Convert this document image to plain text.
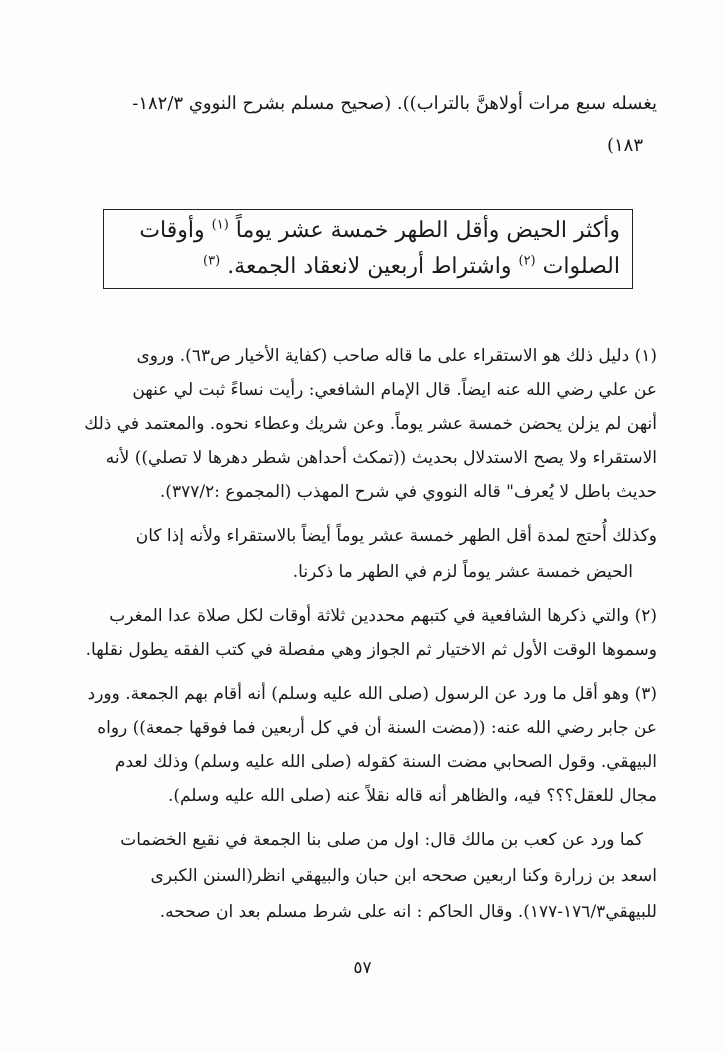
يغسله سبع مرات أولاهنَّ بالتراب)). (صحيح مسلم بشرح النووي ١٨٢/٣-
١٨٣)
وأكثر الحيض وأقل الطهر خمسة عشر يوماً $^{(١)}$ وأوقات
الصلوات $^{(٢)}$ واشتراط أربعين لانعقاد الجمعة. $^{(٣)}$
(١) دليل ذلك هو الاستقراء على ما قاله صاحب (كفاية الأخيار ص٦٣). وروى
عن علي رضي الله عنه ايضاً. قال الإمام الشافعي: رأيت نساءً ثبت لي عنهن
أنهن لم يزلن يحضن خمسة عشر يوماً. وعن شريك وعطاء نحوه. والمعتمد في ذلك
الاستقراء ولا يصح الاستدلال بحديث ((تمكث أحداهن شطر دهرها لا تصلي)) لأنه
حديث باطل لا يُعرف" قاله النووي في شرح المهذب (المجموع :٣٧٧/٢).
وكذلك أُحتج لمدة أقل الطهر خمسة عشر يوماً أيضاً بالاستقراء ولأنه إذا كان
الحيض خمسة عشر يوماً لزم في الطهر ما ذكرنا.
(٢) والتي ذكرها الشافعية في كتبهم محددين ثلاثة أوقات لكل صلاة عدا المغرب
وسموها الوقت الأول ثم الاختيار ثم الجواز وهي مفصلة في كتب الفقه يطول نقلها.
(٣) وهو أقل ما ورد عن الرسول (صلى الله عليه وسلم) أنه أقام بهم الجمعة. وورد
عن جابر رضي الله عنه: ((مضت السنة أن في كل أربعين فما فوقها جمعة)) رواه
البيهقي. وقول الصحابي مضت السنة كقوله (صلى الله عليه وسلم) وذلك لعدم
مجال للعقل؟؟؟ فيه، والظاهر أنه قاله نقلاً عنه (صلى الله عليه وسلم).
كما ورد عن كعب بن مالك قال: اول من صلى بنا الجمعة في نقيع الخضمات
اسعد بن زرارة وكنا اربعين صححه ابن حبان والبيهقي انظر(السنن الكبرى
للبيهقي١٧٦/٣-١٧٧). وقال الحاكم : انه على شرط مسلم بعد ان صححه.
٥٧
